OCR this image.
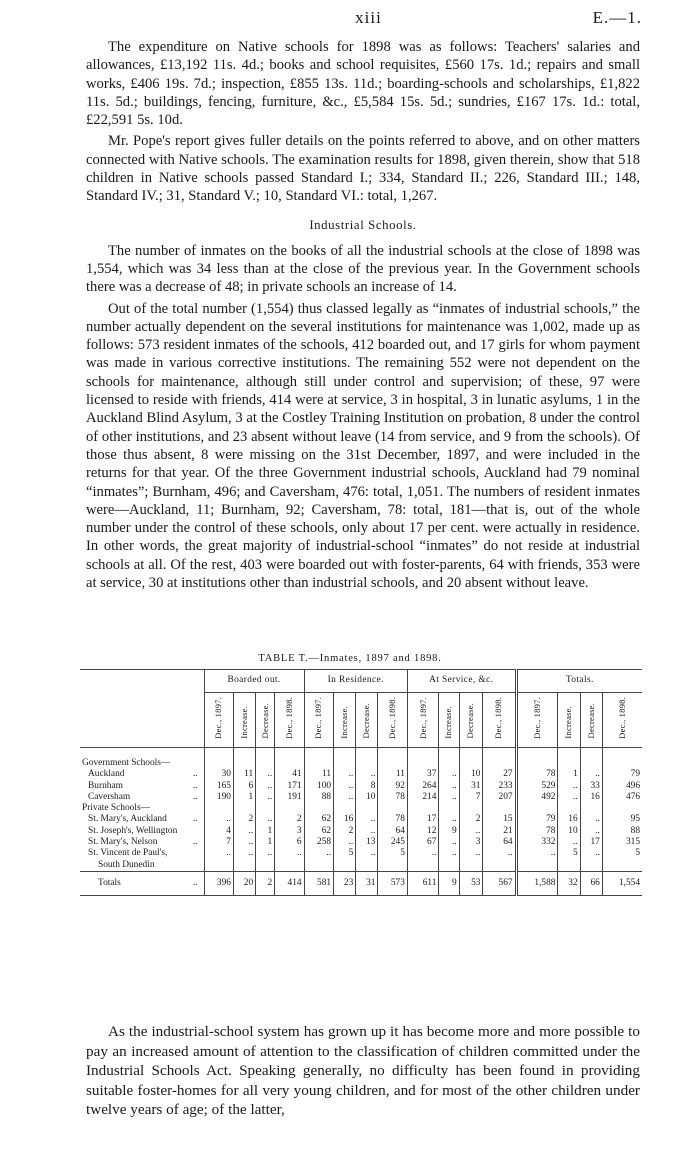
xiii	E.—1.

The expenditure on Native schools for 1898 was as follows: Teachers' salaries and allowances, £13,192 11s. 4d.; books and school requisites, £560 17s. 1d.; repairs and small works, £406 19s. 7d.; inspection, £855 13s. 11d.; boarding-schools and scholarships, £1,822 11s. 5d.; buildings, fencing, furniture, &c., £5,584 15s. 5d.; sundries, £167 17s. 1d.: total, £22,591 5s. 10d.

Mr. Pope's report gives fuller details on the points referred to above, and on other matters connected with Native schools. The examination results for 1898, given therein, show that 518 children in Native schools passed Standard I.; 334, Standard II.; 226, Standard III.; 148, Standard IV.; 31, Standard V.; 10, Standard VI.: total, 1,267.

Industrial Schools.

The number of inmates on the books of all the industrial schools at the close of 1898 was 1,554, which was 34 less than at the close of the previous year. In the Government schools there was a decrease of 48; in private schools an increase of 14.

Out of the total number (1,554) thus classed legally as “inmates of industrial schools,” the number actually dependent on the several institutions for maintenance was 1,002, made up as follows: 573 resident inmates of the schools, 412 boarded out, and 17 girls for whom payment was made in various corrective institutions. The remaining 552 were not dependent on the schools for maintenance, although still under control and supervision; of these, 97 were licensed to reside with friends, 414 were at service, 3 in hospital, 3 in lunatic asylums, 1 in the Auckland Blind Asylum, 3 at the Costley Training Institution on probation, 8 under the control of other institutions, and 23 absent without leave (14 from service, and 9 from the schools). Of those thus absent, 8 were missing on the 31st December, 1897, and were included in the returns for that year. Of the three Government industrial schools, Auckland had 79 nominal “inmates”; Burnham, 496; and Caversham, 476: total, 1,051. The numbers of resident inmates were—Auckland, 11; Burnham, 92; Caversham, 78: total, 181—that is, out of the whole number under the control of these schools, only about 17 per cent. were actually in residence. In other words, the great majority of industrial-school “inmates” do not reside at industrial schools at all. Of the rest, 403 were boarded out with foster-parents, 64 with friends, 353 were at service, 30 at institutions other than industrial schools, and 20 absent without leave.

TABLE T.—Inmates, 1897 and 1898.
	Boarded out.				In Residence.				At Service, &c.				Totals.			
	Dec., 1897.	Increase.	Decrease.	Dec., 1898.	Dec., 1897.	Increase.	Decrease.	Dec., 1898.	Dec., 1897.	Increase.	Decrease.	Dec., 1898.	Dec., 1897.	Increase.	Decrease.	Dec., 1898.
Government Schools—																
Auckland ..	30	11	..	41	11	..	..	11	37	..	10	27	78	1	..	79
Burnham ..	165	6	..	171	100	..	8	92	264	..	31	233	529	..	33	496
Caversham ..	190	1	..	191	88	..	10	78	214	..	7	207	492	..	16	476
Private Schools—																
St. Mary's, Auckland ..	..	2	..	2	62	16	..	78	17	..	2	15	79	16	..	95
St. Joseph's, Wellington	4	..	1	3	62	2	..	64	12	9	..	21	78	10	..	88
St. Mary's, Nelson ..	7	..	1	6	258	..	13	245	67	..	3	64	332	..	17	315
St. Vincent de Paul's,	..	..	..	..	..	5	..	5	..	..	..	..	..	5	..	5
South Dunedin																
Totals ..	396	20	2	414	581	23	31	573	611	9	53	567	1,588	32	66	1,554

As the industrial-school system has grown up it has become more and more possible to pay an increased amount of attention to the classification of children committed under the Industrial Schools Act. Speaking generally, no difficulty has been found in providing suitable foster-homes for all very young children, and for most of the other children under twelve years of age; of the latter,
